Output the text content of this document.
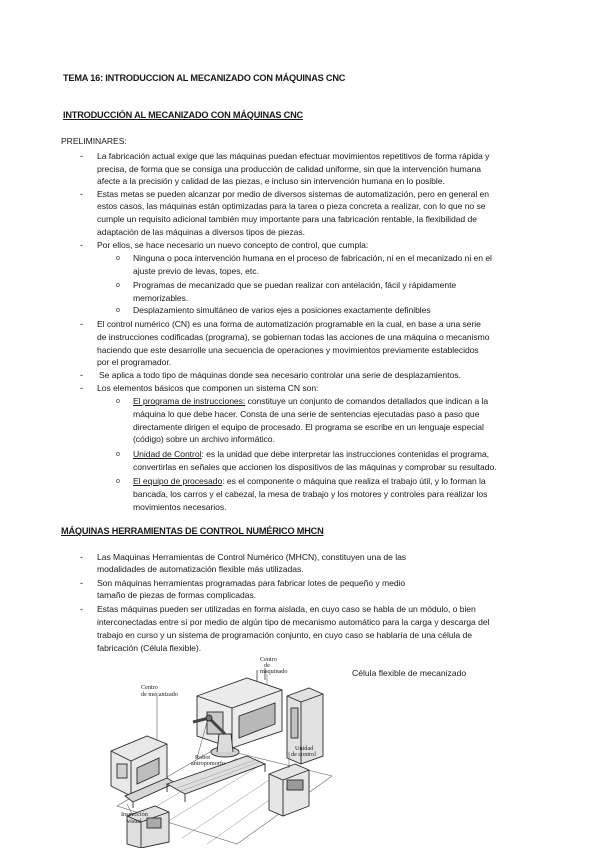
TEMA 16: INTRODUCCION AL MECANIZADO CON MÁQUINAS CNC
INTRODUCCIÓN AL MECANIZADO CON MÁQUINAS CNC
PRELIMINARES:
- La fabricación actual exige que las máquinas puedan efectuar movimientos repetitivos de forma rápida y
precisa, de forma que se consiga una producción de calidad uniforme, sin que la intervención humana
afecte a la precisión y calidad de las piezas, e incluso sin intervención humana en lo posible.
- Estas metas se pueden alcanzar por medio de diversos sistemas de automatización, pero en general en
estos casos, las máquinas están optimizadas para la tarea o pieza concreta a realizar, con lo que no se
cumple un requisito adicional también muy importante para una fabricación rentable, la flexibilidad de
adaptación de las máquinas a diversos tipos de piezas.
- Por ellos, se hace necesario un nuevo concepto de control, que cumpla:
o Ninguna o poca intervención humana en el proceso de fabricación, ni en el mecanizado ni en el
ajuste previo de levas, topes, etc.
o Programas de mecanizado que se puedan realizar con antelación, fácil y rápidamente
memorizables.
o Desplazamiento simultáneo de varios ejes a posiciones exactamente definibles
- El control numérico (CN) es una forma de automatización programable en la cual, en base a una serie
de instrucciones codificadas (programa), se gobiernan todas las acciones de una máquina o mecanismo
haciendo que este desarrolle una secuencia de operaciones y movimientos previamente establecidos
por el programador.
- Se aplica a todo tipo de máquinas donde sea necesario controlar una serie de desplazamientos.
- Los elementos básicos que componen un sistema CN son:
o El programa de instrucciones: constituye un conjunto de comandos detallados que indican a la
máquina lo que debe hacer. Consta de una serie de sentencias ejecutadas paso a paso que
directamente dirigen el equipo de procesado. El programa se escribe en un lenguaje especial
(código) sobre un archivo informático.
o Unidad de Control: es la unidad que debe interpretar las instrucciones contenidas el programa,
convertirlas en señales que accionen los dispositivos de las máquinas y comprobar su resultado.
o El equipo de procesado: es el componente o máquina que realiza el trabajo útil, y lo forman la
bancada, los carros y el cabezal, la mesa de trabajo y los motores y controles para realizar los
movimientos necesarios.
MÁQUINAS HERRAMIENTAS DE CONTROL NUMÉRICO MHCN
- Las Maquinas Herramientas de Control Numérico (MHCN), constituyen una de las
modalidades de automatización flexible más utilizadas.
- Son máquinas herramientas programadas para fabricar lotes de pequeño y medio
tamaño de piezas de formas complicadas.
- Estas máquinas pueden ser utilizadas en forma aislada, en cuyo caso se habla de un módulo, o bien
interconectadas entre sí por medio de algún tipo de mecanismo automático para la carga y descarga del
trabajo en curso y un sistema de programación conjunto, en cuyo caso se hablaría de una célula de
fabricación (Célula flexible).
Célula flexible de mecanizado
Centro
de mecanizado
Centro
de
maquinado
Robot
antropomorfo
Unidad
de control
Inspección
visual
